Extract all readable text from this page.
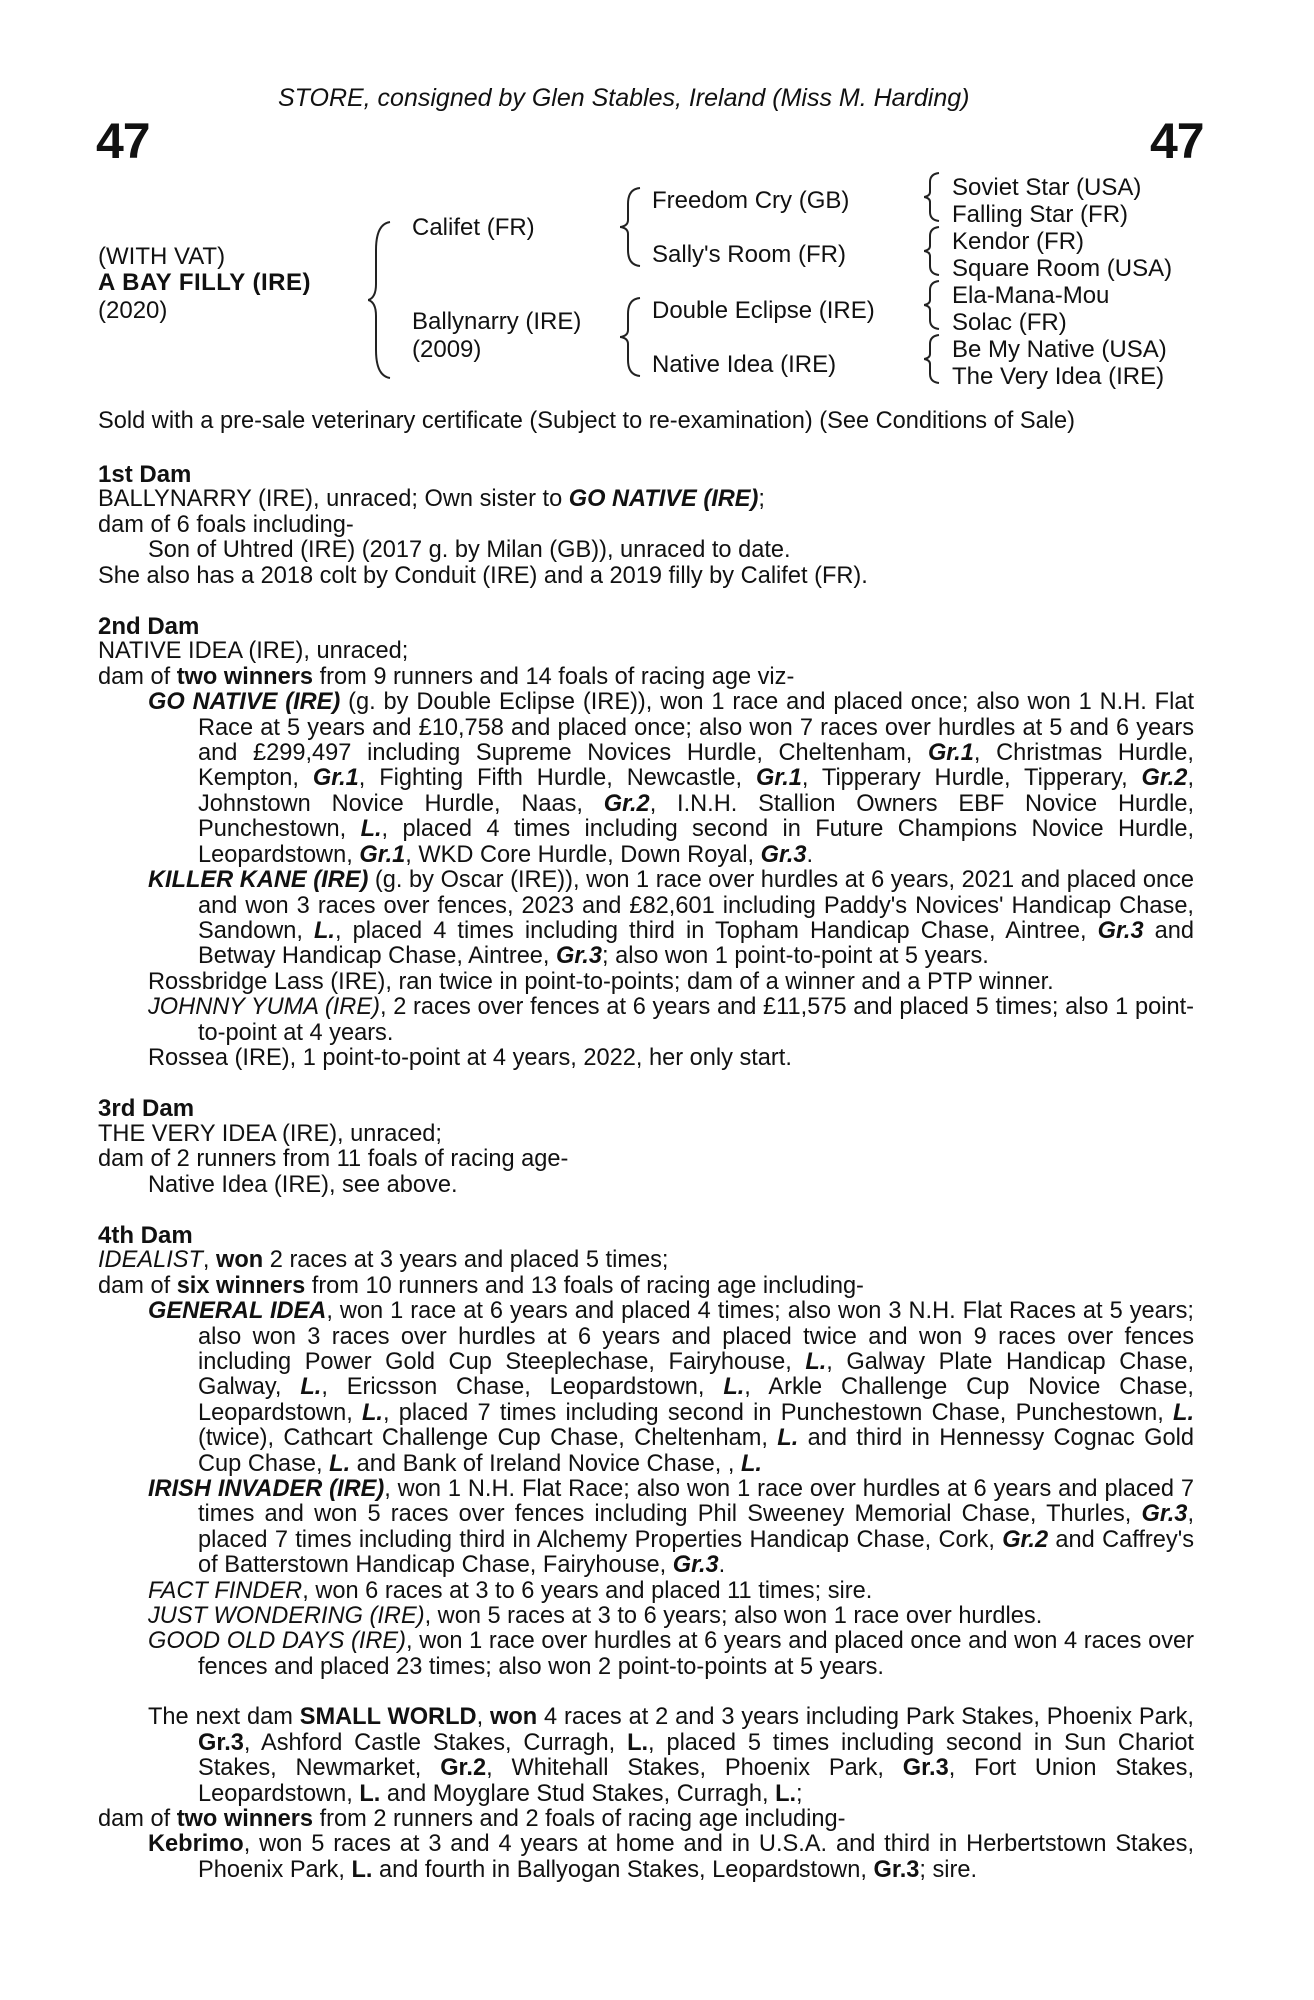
47	47
STORE, consigned by Glen Stables, Ireland (Miss M. Harding)
(WITH VAT)
A BAY FILLY (IRE)
(2020)
Califet (FR)
Ballynarry (IRE)
(2009)
Freedom Cry (GB)
Sally's Room (FR)
Double Eclipse (IRE)
Native Idea (IRE)
Soviet Star (USA)
Falling Star (FR)
Kendor (FR)
Square Room (USA)
Ela-Mana-Mou
Solac (FR)
Be My Native (USA)
The Very Idea (IRE)
Sold with a pre-sale veterinary certificate (Subject to re-examination) (See Conditions of Sale)

1st Dam

BALLYNARRY (IRE), unraced; Own sister to GO NATIVE (IRE);

dam of 6 foals including-

Son of Uhtred (IRE) (2017 g. by Milan (GB)), unraced to date.

She also has a 2018 colt by Conduit (IRE) and a 2019 filly by Califet (FR).

2nd Dam

NATIVE IDEA (IRE), unraced;

dam of two winners from 9 runners and 14 foals of racing age viz-

GO NATIVE (IRE) (g. by Double Eclipse (IRE)), won 1 race and placed once; also won 1 N.H. Flat Race at 5 years and £10,758 and placed once; also won 7 races over hurdles at 5 and 6 years and £299,497 including Supreme Novices Hurdle, Cheltenham, Gr.1, Christmas Hurdle, Kempton, Gr.1, Fighting Fifth Hurdle, Newcastle, Gr.1, Tipperary Hurdle, Tipperary, Gr.2, Johnstown Novice Hurdle, Naas, Gr.2, I.N.H. Stallion Owners EBF Novice Hurdle, Punchestown, L., placed 4 times including second in Future Champions Novice Hurdle, Leopardstown, Gr.1, WKD Core Hurdle, Down Royal, Gr.3.

KILLER KANE (IRE) (g. by Oscar (IRE)), won 1 race over hurdles at 6 years, 2021 and placed once and won 3 races over fences, 2023 and £82,601 including Paddy's Novices' Handicap Chase, Sandown, L., placed 4 times including third in Topham Handicap Chase, Aintree, Gr.3 and Betway Handicap Chase, Aintree, Gr.3; also won 1 point-to-point at 5 years.

Rossbridge Lass (IRE), ran twice in point-to-points; dam of a winner and a PTP winner.

JOHNNY YUMA (IRE), 2 races over fences at 6 years and £11,575 and placed 5 times; also 1 point-to-point at 4 years.

Rossea (IRE), 1 point-to-point at 4 years, 2022, her only start.

3rd Dam

THE VERY IDEA (IRE), unraced;

dam of 2 runners from 11 foals of racing age-

Native Idea (IRE), see above.

4th Dam

IDEALIST, won 2 races at 3 years and placed 5 times;

dam of six winners from 10 runners and 13 foals of racing age including-

GENERAL IDEA, won 1 race at 6 years and placed 4 times; also won 3 N.H. Flat Races at 5 years; also won 3 races over hurdles at 6 years and placed twice and won 9 races over fences including Power Gold Cup Steeplechase, Fairyhouse, L., Galway Plate Handicap Chase, Galway, L., Ericsson Chase, Leopardstown, L., Arkle Challenge Cup Novice Chase, Leopardstown, L., placed 7 times including second in Punchestown Chase, Punchestown, L. (twice), Cathcart Challenge Cup Chase, Cheltenham, L. and third in Hennessy Cognac Gold Cup Chase, L. and Bank of Ireland Novice Chase, , L.

IRISH INVADER (IRE), won 1 N.H. Flat Race; also won 1 race over hurdles at 6 years and placed 7 times and won 5 races over fences including Phil Sweeney Memorial Chase, Thurles, Gr.3, placed 7 times including third in Alchemy Properties Handicap Chase, Cork, Gr.2 and Caffrey's of Batterstown Handicap Chase, Fairyhouse, Gr.3.

FACT FINDER, won 6 races at 3 to 6 years and placed 11 times; sire.

JUST WONDERING (IRE), won 5 races at 3 to 6 years; also won 1 race over hurdles.

GOOD OLD DAYS (IRE), won 1 race over hurdles at 6 years and placed once and won 4 races over fences and placed 23 times; also won 2 point-to-points at 5 years.

The next dam SMALL WORLD, won 4 races at 2 and 3 years including Park Stakes, Phoenix Park, Gr.3, Ashford Castle Stakes, Curragh, L., placed 5 times including second in Sun Chariot Stakes, Newmarket, Gr.2, Whitehall Stakes, Phoenix Park, Gr.3, Fort Union Stakes, Leopardstown, L. and Moyglare Stud Stakes, Curragh, L.;

dam of two winners from 2 runners and 2 foals of racing age including-

Kebrimo, won 5 races at 3 and 4 years at home and in U.S.A. and third in Herbertstown Stakes, Phoenix Park, L. and fourth in Ballyogan Stakes, Leopardstown, Gr.3; sire.
